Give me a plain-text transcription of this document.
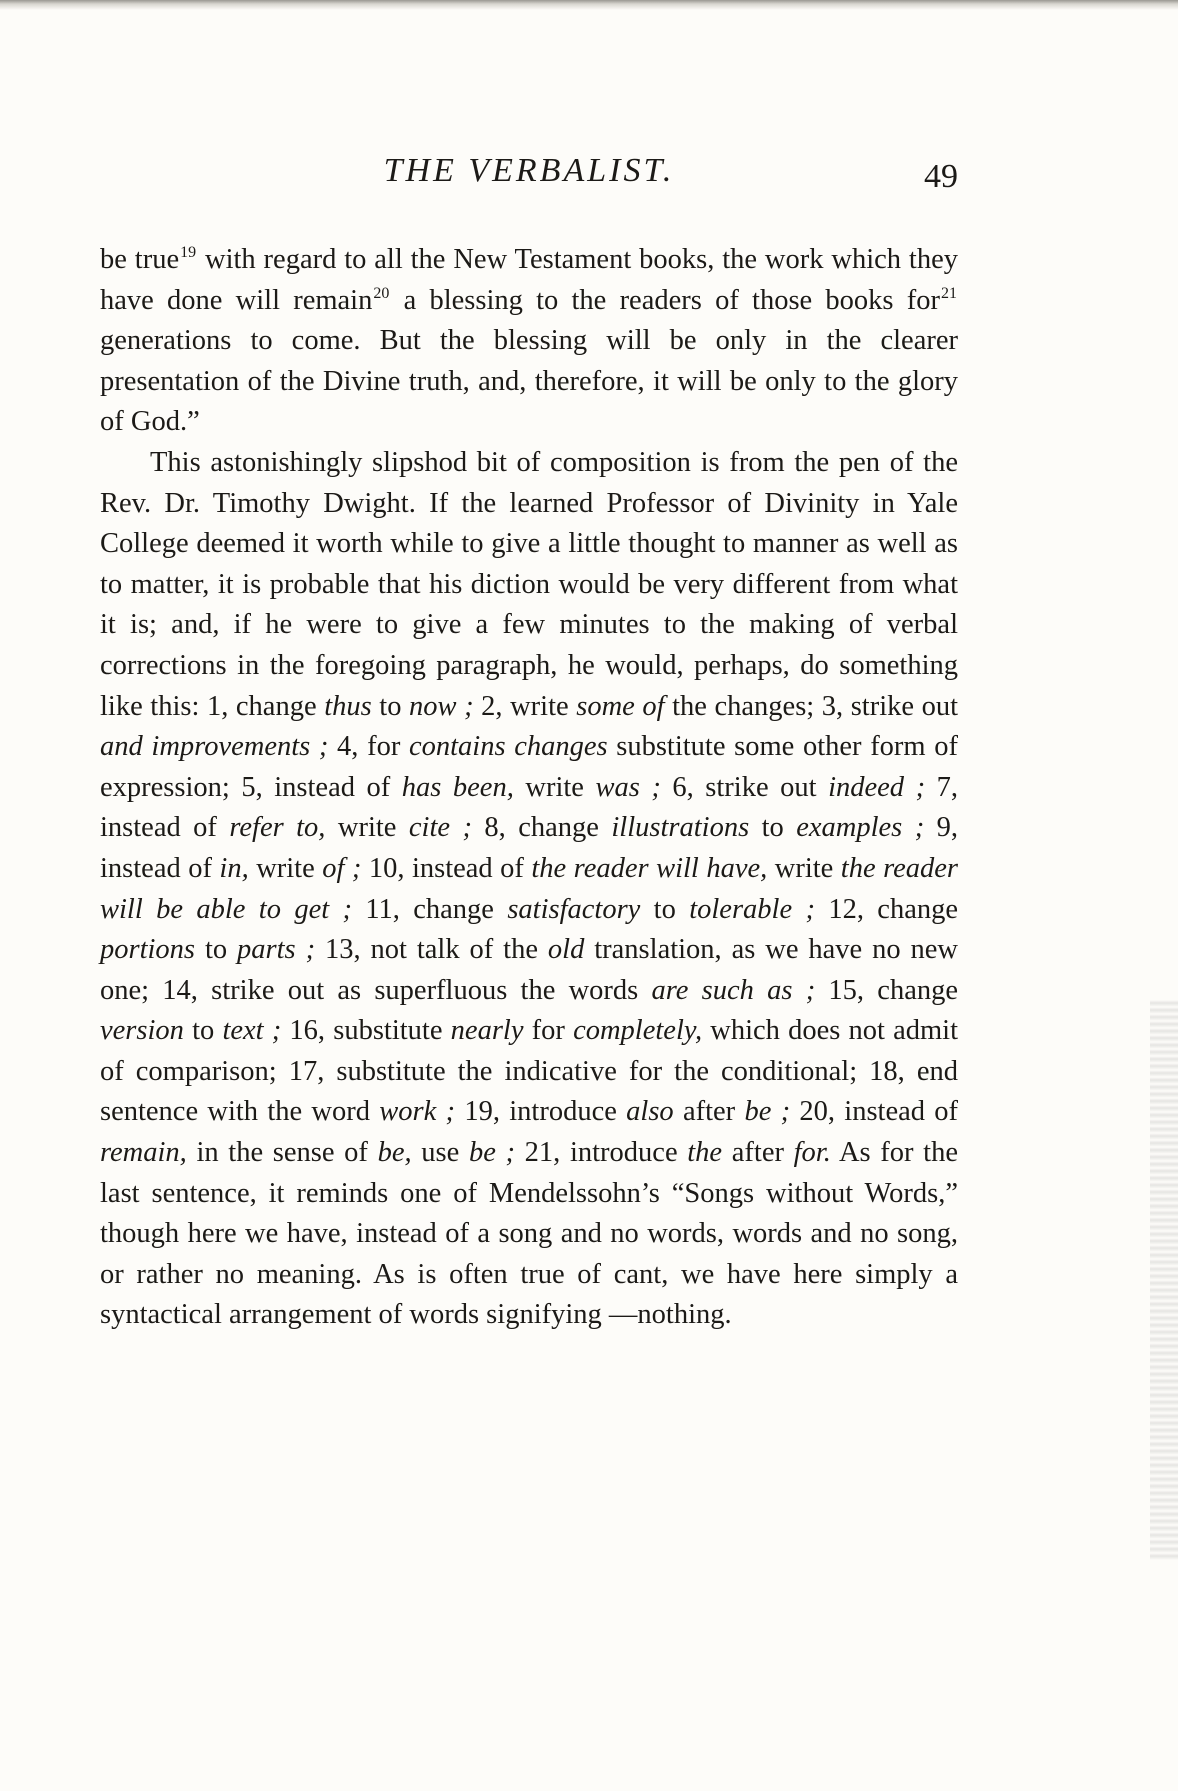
THE VERBALIST.	49

be true$^{19}$ with regard to all the New Testament books, the work which they have done will remain$^{20}$ a blessing to the readers of those books for$^{21}$ generations to come. But the blessing will be only in the clearer presentation of the Divine truth, and, therefore, it will be only to the glory of God.”

This astonishingly slipshod bit of composition is from the pen of the Rev. Dr. Timothy Dwight. If the learned Professor of Divinity in Yale College deemed it worth while to give a little thought to manner as well as to matter, it is probable that his diction would be very different from what it is; and, if he were to give a few minutes to the making of verbal corrections in the foregoing paragraph, he would, perhaps, do something like this: 1, change thus to now ; 2, write some of the changes; 3, strike out and improvements ; 4, for contains changes substitute some other form of expression; 5, instead of has been, write was ; 6, strike out indeed ; 7, instead of refer to, write cite ; 8, change illustrations to examples ; 9, instead of in, write of ; 10, instead of the reader will have, write the reader will be able to get ; 11, change satisfactory to tolerable ; 12, change portions to parts ; 13, not talk of the old translation, as we have no new one; 14, strike out as superfluous the words are such as ; 15, change version to text ; 16, substitute nearly for completely, which does not admit of comparison; 17, substitute the indicative for the conditional; 18, end sentence with the word work ; 19, introduce also after be ; 20, instead of remain, in the sense of be, use be ; 21, introduce the after for. As for the last sentence, it reminds one of Mendelssohn’s “Songs without Words,” though here we have, instead of a song and no words, words and no song, or rather no meaning. As is often true of cant, we have here simply a syntactical arrangement of words signifying —nothing.
